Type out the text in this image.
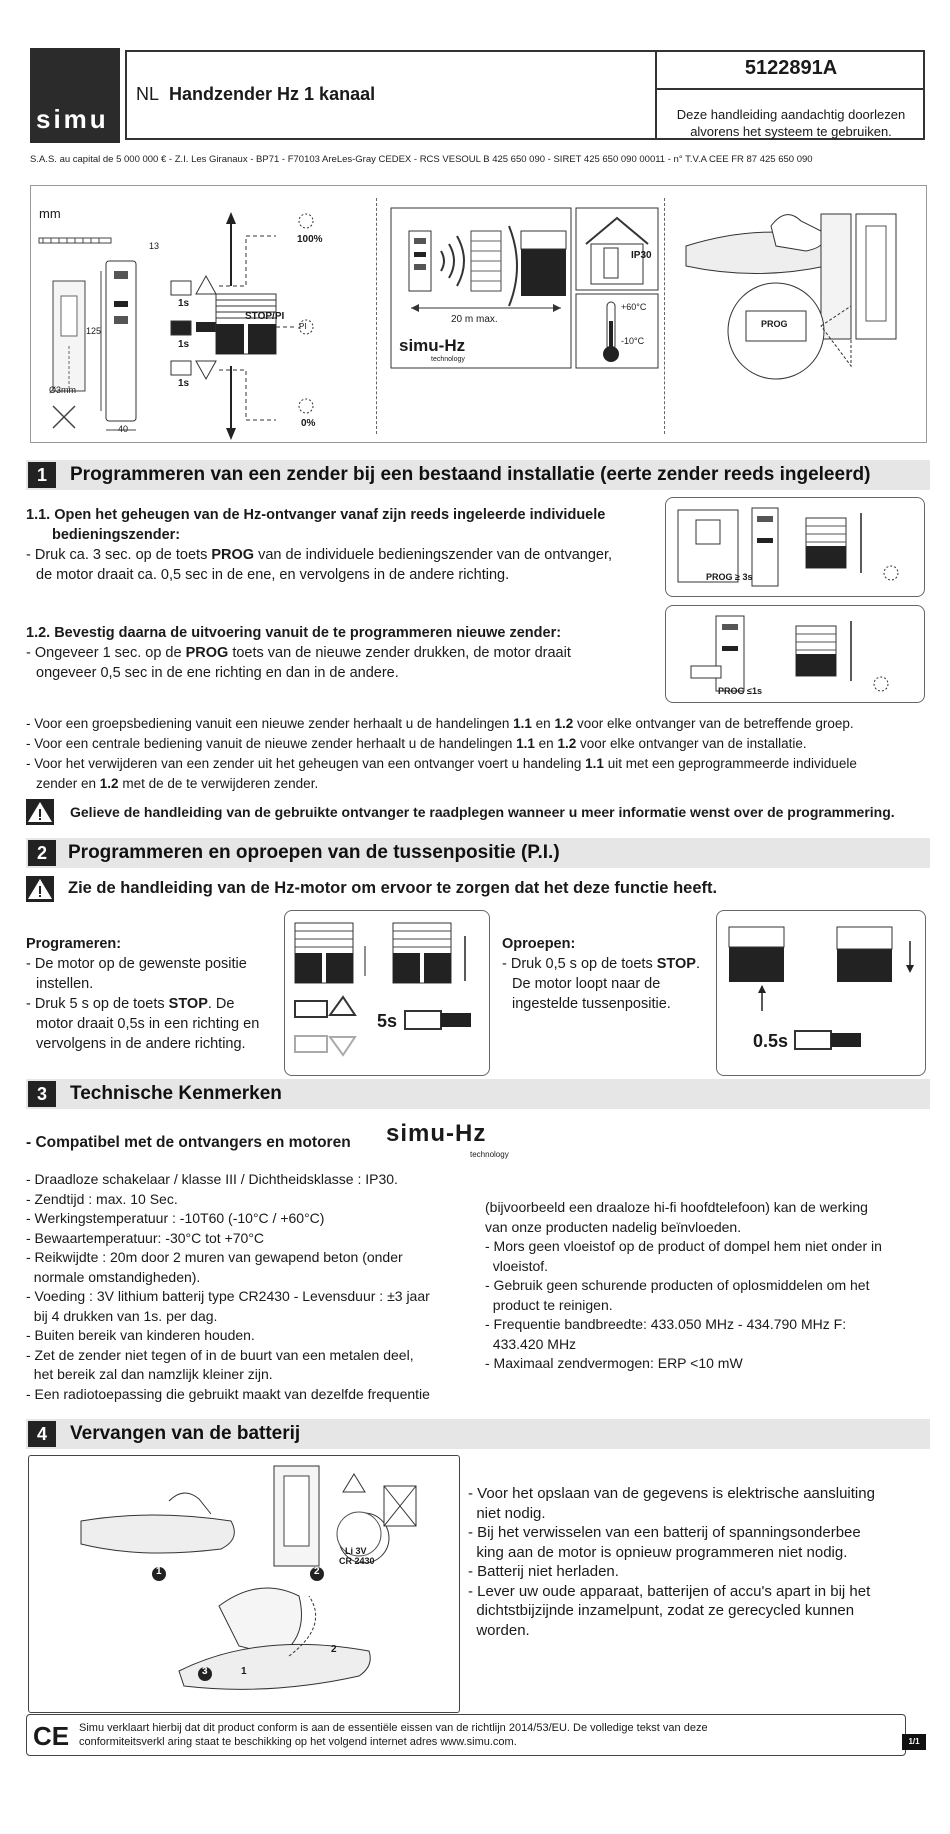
simu
NL Handzender Hz 1 kanaal
5122891A
Deze handleiding aandachtig doorlezen
alvorens het systeem te gebruiken.
S.A.S. au capital de 5 000 000 € - Z.I. Les Giranaux - BP71 - F70103 AreLes-Gray CEDEX - RCS VESOUL B 425 650 090 - SIRET 425 650 090 00011 - n° T.V.A CEE FR 87 425 650 090
mm
13
125
40
Ø3mm
1s
1s
1s
STOP/PI
100%
PI
0%
20 m max.
IP30
+60°C
-10°C
simu-Hz
technology
PROG
1	Programmeren van een zender bij een bestaand installatie (eerte zender reeds ingeleerd)
1.1. Open het geheugen van de Hz-ontvanger vanaf zijn reeds ingeleerde individuele
bedieningszender:
- Druk ca. 3 sec. op de toets PROG van de individuele bedieningszender van de ontvanger,
de motor draait ca. 0,5 sec in de ene, en vervolgens in de andere richting.	PROG ≥ 3s
1.2. Bevestig daarna de uitvoering vanuit de te programmeren nieuwe zender:
- Ongeveer 1 sec. op de PROG toets van de nieuwe zender drukken, de motor draait
ongeveer 0,5 sec in de ene richting en dan in de andere.
PROG ≤1s
- Voor een groepsbediening vanuit een nieuwe zender herhaalt u de handelingen 1.1 en 1.2 voor elke ontvanger van de betreffende groep.
- Voor een centrale bediening vanuit de nieuwe zender herhaalt u de handelingen 1.1 en 1.2 voor elke ontvanger van de installatie.
- Voor het verwijderen van een zender uit het geheugen van een ontvanger voert u handeling 1.1 uit met een geprogrammeerde individuele
zender en 1.2 met de de te verwijderen zender.
Gelieve de handleiding van de gebruikte ontvanger te raadplegen wanneer u meer informatie wenst over de programmering.
2	Programmeren en oproepen van de tussenpositie (P.I.)
Zie de handleiding van de Hz-motor om ervoor te zorgen dat het deze functie heeft.
Programeren:
- De motor op de gewenste positie
instellen.
- Druk 5 s op de toets STOP. De
motor draait 0,5s in een richting en
vervolgens in de andere richting.
5s
Oproepen:
- Druk 0,5 s op de toets STOP.
De motor loopt naar de
ingestelde tussenpositie.
0.5s
3	Technische Kenmerken
- Compatibel met de ontvangers en motoren simu-Hz
technology
- Draadloze schakelaar / klasse III / Dichtheidsklasse : IP30.
- Zendtijd : max. 10 Sec.
- Werkingstemperatuur : -10T60 (-10°C / +60°C)
- Bewaartemperatuur: -30°C tot +70°C
- Reikwijdte : 20m door 2 muren van gewapend beton (onder
normale omstandigheden).
- Voeding : 3V lithium batterij type CR2430 - Levensduur : ±3 jaar
bij 4 drukken van 1s. per dag.
- Buiten bereik van kinderen houden.
- Zet de zender niet tegen of in de buurt van een metalen deel,
het bereik zal dan namzlijk kleiner zijn.
- Een radiotoepassing die gebruikt maakt van dezelfde frequentie
(bijvoorbeeld een draaloze hi-fi hoofdtelefoon) kan de werking
van onze producten nadelig beïnvloeden.
- Mors geen vloeistof op de product of dompel hem niet onder in
vloeistof.
- Gebruik geen schurende producten of oplosmiddelen om het
product te reinigen.
- Frequentie bandbreedte: 433.050 MHz - 434.790 MHz F:
433.420 MHz
- Maximaal zendvermogen: ERP <10 mW
4	Vervangen van de batterij
Li 3V
CR 2430
1	2
3	1
2
- Voor het opslaan van de gegevens is elektrische aansluiting
niet nodig.
- Bij het verwisselen van een batterij of spanningsonderbee
king aan de motor is opnieuw programmeren niet nodig.
- Batterij niet herladen.
- Lever uw oude apparaat, batterijen of accu's apart in bij het
dichtstbijzijnde inzamelpunt, zodat ze gerecycled kunnen
worden.
CE Simu verklaart hierbij dat dit product conform is aan de essentiële eissen van de richtlijn 2014/53/EU. De volledige tekst van deze
conformiteitsverkl aring staat te beschikking op het volgend internet adres www.simu.com.	1/1
